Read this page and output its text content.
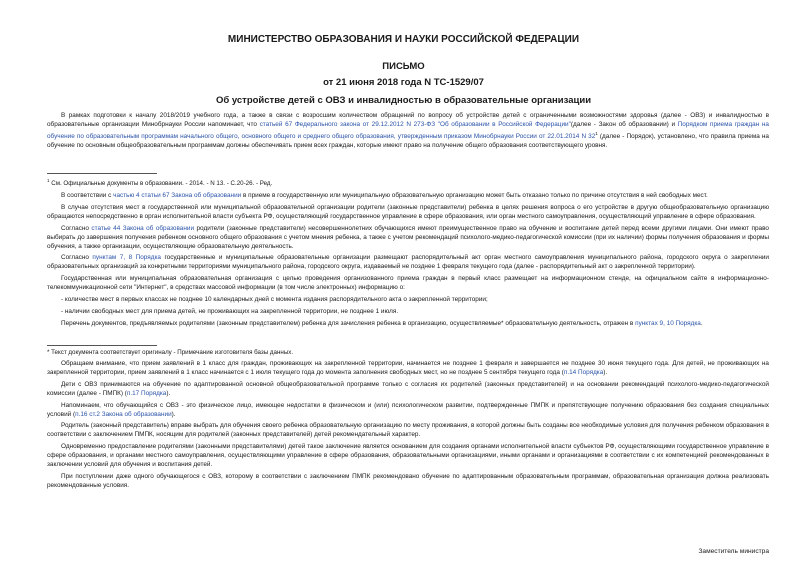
МИНИСТЕРСТВО ОБРАЗОВАНИЯ И НАУКИ РОССИЙСКОЙ ФЕДЕРАЦИИ
ПИСЬМО
от 21 июня 2018 года N ТС-1529/07
Об устройстве детей с ОВЗ и инвалидностью в образовательные организации

В рамках подготовки к началу 2018/2019 учебного года, а также в связи с возросшим количеством обращений по вопросу об устройстве детей с ограниченными возможностями здоровья (далее - ОВЗ) и инвалидностью в образовательные организации Минобрнауки России напоминает, что статьей 67 Федерального закона от 29.12.2012 N 273-ФЗ "Об образовании в Российской Федерации"(далее - Закон об образовании) и Порядком приема граждан на обучение по образовательным программам начального общего, основного общего и среднего общего образования, утвержденным приказом Минобрнауки России от 22.01.2014 N $32^1$ (далее - Порядок), установлено, что правила приема на обучение по основным общеобразовательным программам должны обеспечивать прием всех граждан, которые имеют право на получение общего образования соответствующего уровня.

$^1$ См. Официальные документы в образовании. - 2014. - N 13. - С.20-26. - Ред.

В соответствии с частью 4 статьи 67 Закона об образовании в приеме в государственную или муниципальную образовательную организацию может быть отказано только по причине отсутствия в ней свободных мест.

В случае отсутствия мест в государственной или муниципальной образовательной организации родители (законные представители) ребенка в целях решения вопроса о его устройстве в другую общеобразовательную организацию обращаются непосредственно в орган исполнительной власти субъекта РФ, осуществляющий государственное управление в сфере образования, или орган местного самоуправления, осуществляющий управление в сфере образования.

Согласно статье 44 Закона об образовании родители (законные представители) несовершеннолетних обучающихся имеют преимущественное право на обучение и воспитание детей перед всеми другими лицами. Они имеют право выбирать до завершения получения ребенком основного общего образования с учетом мнения ребенка, а также с учетом рекомендаций психолого-медико-педагогической комиссии (при их наличии) формы получения образования и формы обучения, а также организации, осуществляющие образовательную деятельность.

Согласно пунктам 7, 8 Порядка государственные и муниципальные образовательные организации размещают распорядительный акт орган местного самоуправления муниципального района, городского округа о закреплении образовательных организаций за конкретными территориями муниципального района, городского округа, издаваемый не позднее 1 февраля текущего года (далее - распорядительный акт о закрепленной территории).

Государственная или муниципальная образовательная организация с целью проведения организованного приема граждан в первый класс размещает на информационном стенде, на официальном сайте в информационно-телекоммуникационной сети "Интернет", в средствах массовой информации (в том числе электронных) информацию о:

- количестве мест в первых классах не позднее 10 календарных дней с момента издания распорядительного акта о закрепленной территории;

- наличии свободных мест для приема детей, не проживающих на закрепленной территории, не позднее 1 июля.

Перечень документов, предъявляемых родителями (законным представителем) ребенка для зачисления ребенка в организацию, осуществляемые* образовательную деятельность, отражен в пунктах 9, 10 Порядка.

* Текст документа соответствует оригиналу - Примечание изготовителя базы данных.

Обращаем внимание, что прием заявлений в 1 класс для граждан, проживающих на закрепленной территории, начинается не позднее 1 февраля и завершается не позднее 30 июня текущего года. Для детей, не проживающих на закрепленной территории, прием заявлений в 1 класс начинается с 1 июля текущего года до момента заполнения свободных мест, но не позднее 5 сентября текущего года (п.14 Порядка).

Дети с ОВЗ принимаются на обучение по адаптированной основной общеобразовательной программе только с согласия их родителей (законных представителей) и на основании рекомендаций психолого-медико-педагогической комиссии (далее - ПМПК) (п.17 Порядка).

Напоминаем, что обучающийся с ОВЗ - это физическое лицо, имеющее недостатки в физическом и (или) психологическом развитии, подтвержденные ПМПК и препятствующие получению образования без создания специальных условий (п.16 ст.2 Закона об образовании).

Родитель (законный представитель) вправе выбрать для обучения своего ребенка образовательную организацию по месту проживания, в которой должны быть созданы все необходимые условия для получения ребенком образования в соответствии с заключением ПМПК, носящим для родителей (законных представителей) детей рекомендательный характер.

Одновременно предоставление родителями (законными представителями) детей такое заключение является основанием для создания органами исполнительной власти субъектов РФ, осуществляющими государственное управление в сфере образования, и органами местного самоуправления, осуществляющими управление в сфере образования, образовательными организациями, иными органами и организациями в соответствии с их компетенцией рекомендованных в заключении условий для обучения и воспитания детей.

При поступлении даже одного обучающегося с ОВЗ, которому в соответствии с заключением ПМПК рекомендовано обучение по адаптированным образовательным программам, образовательная организация должна реализовать рекомендованные условия.

Заместитель министра
